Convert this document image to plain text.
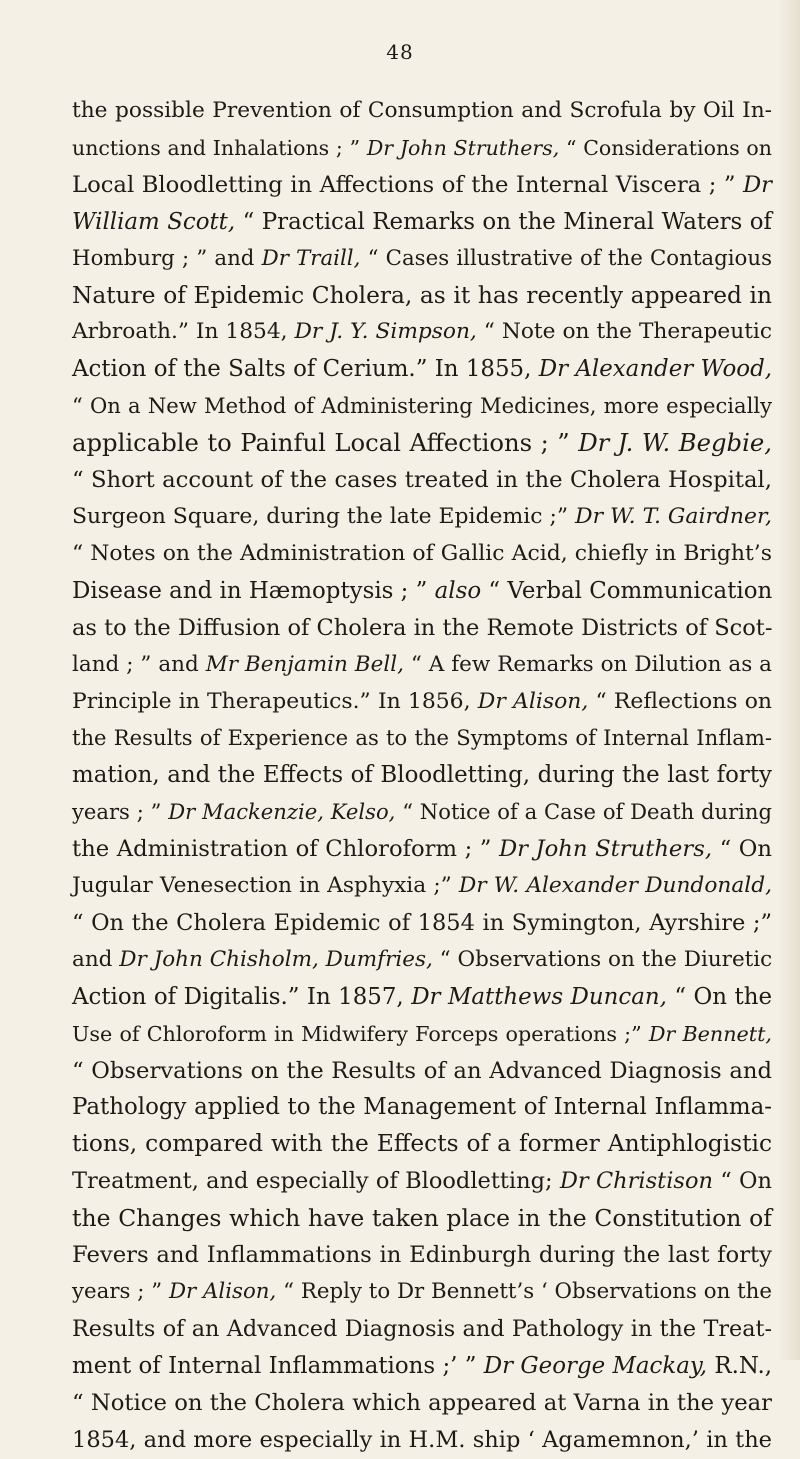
48
the possible Prevention of Consumption and Scrofula by Oil In-
unctions and Inhalations ; ” Dr John Struthers, “ Considerations on
Local Bloodletting in Affections of the Internal Viscera ; ” Dr
William Scott, “ Practical Remarks on the Mineral Waters of
Homburg ; ” and Dr Traill, “ Cases illustrative of the Contagious
Nature of Epidemic Cholera, as it has recently appeared in
Arbroath.” In 1854, Dr J. Y. Simpson, “ Note on the Therapeutic
Action of the Salts of Cerium.” In 1855, Dr Alexander Wood,
“ On a New Method of Administering Medicines, more especially
applicable to Painful Local Affections ; ” Dr J. W. Begbie,
“ Short account of the cases treated in the Cholera Hospital,
Surgeon Square, during the late Epidemic ;” Dr W. T. Gairdner,
“ Notes on the Administration of Gallic Acid, chiefly in Bright’s
Disease and in Hæmoptysis ; ” also “ Verbal Communication
as to the Diffusion of Cholera in the Remote Districts of Scot-
land ; ” and Mr Benjamin Bell, “ A few Remarks on Dilution as a
Principle in Therapeutics.” In 1856, Dr Alison, “ Reflections on
the Results of Experience as to the Symptoms of Internal Inflam-
mation, and the Effects of Bloodletting, during the last forty
years ; ” Dr Mackenzie, Kelso, “ Notice of a Case of Death during
the Administration of Chloroform ; ” Dr John Struthers, “ On
Jugular Venesection in Asphyxia ;” Dr W. Alexander Dundonald,
“ On the Cholera Epidemic of 1854 in Symington, Ayrshire ;”
and Dr John Chisholm, Dumfries, “ Observations on the Diuretic
Action of Digitalis.” In 1857, Dr Matthews Duncan, “ On the
Use of Chloroform in Midwifery Forceps operations ;” Dr Bennett,
“ Observations on the Results of an Advanced Diagnosis and
Pathology applied to the Management of Internal Inflamma-
tions, compared with the Effects of a former Antiphlogistic
Treatment, and especially of Bloodletting; Dr Christison “ On
the Changes which have taken place in the Constitution of
Fevers and Inflammations in Edinburgh during the last forty
years ; ” Dr Alison, “ Reply to Dr Bennett’s ‘ Observations on the
Results of an Advanced Diagnosis and Pathology in the Treat-
ment of Internal Inflammations ;’ ” Dr George Mackay, R.N.,
“ Notice on the Cholera which appeared at Varna in the year
1854, and more especially in H.M. ship ‘ Agamemnon,’ in the
